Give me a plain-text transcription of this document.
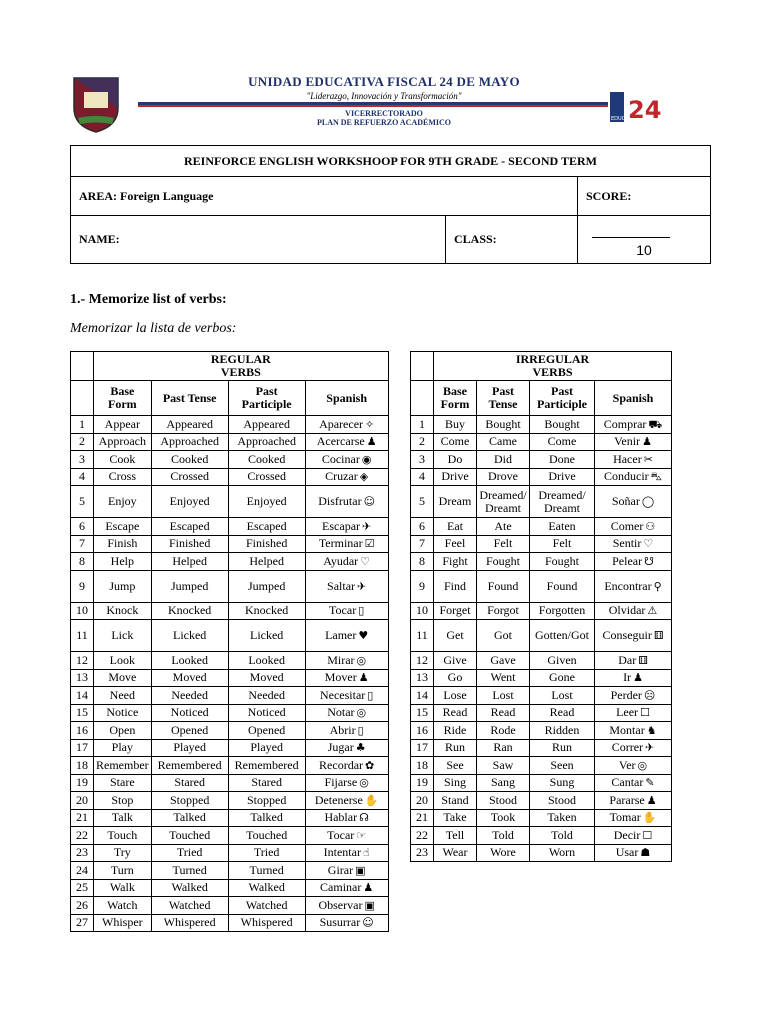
UNIDAD EDUCATIVA FISCAL 24 DE MAYO
"Liderazgo, Innovación y Transformación"
VICERRECTORADO
PLAN DE REFUERZO ACADÉMICO	24
EDUCE
REINFORCE ENGLISH WORKSHOOP FOR 9TH GRADE - SECOND TERM		
AREA: Foreign Language		SCORE:
NAME:	CLASS:	10
1.- Memorize list of verbs:
Memorizar la lista de verbos:
	REGULAR
VERBS			
	Base Form	Past Tense	Past Participle	Spanish
1	Appear	Appeared	Appeared	Aparecer ✧
2	Approach	Approached	Approached	Acercarse ♟
3	Cook	Cooked	Cooked	Cocinar ◉
4	Cross	Crossed	Crossed	Cruzar ◈
5	Enjoy	Enjoyed	Enjoyed	Disfrutar ☺
6	Escape	Escaped	Escaped	Escapar ✈
7	Finish	Finished	Finished	Terminar ☑
8	Help	Helped	Helped	Ayudar ♡
9	Jump	Jumped	Jumped	Saltar ✈
10	Knock	Knocked	Knocked	Tocar ▯
11	Lick	Licked	Licked	Lamer ♥
12	Look	Looked	Looked	Mirar ◎
13	Move	Moved	Moved	Mover ♟
14	Need	Needed	Needed	Necesitar ▯
15	Notice	Noticed	Noticed	Notar ◎
16	Open	Opened	Opened	Abrir ▯
17	Play	Played	Played	Jugar ♣
18	Remember	Remembered	Remembered	Recordar ✿
19	Stare	Stared	Stared	Fijarse ◎
20	Stop	Stopped	Stopped	Detenerse ✋
21	Talk	Talked	Talked	Hablar ☊
22	Touch	Touched	Touched	Tocar ☞
23	Try	Tried	Tried	Intentar ☝
24	Turn	Turned	Turned	Girar ▣
25	Walk	Walked	Walked	Caminar ♟
26	Watch	Watched	Watched	Observar ▣
27	Whisper	Whispered	Whispered	Susurrar ☺
	IRREGULAR
VERBS			
	Base Form	Past Tense	Past Participle	Spanish
1	Buy	Bought	Bought	Comprar ⛟
2	Come	Came	Come	Venir ♟
3	Do	Did	Done	Hacer ✂
4	Drive	Drove	Drive	Conducir ⛍
5	Dream	Dreamed/ Dreamt	Dreamed/ Dreamt	Soñar ◯
6	Eat	Ate	Eaten	Comer ⚇
7	Feel	Felt	Felt	Sentir ♡
8	Fight	Fought	Fought	Pelear ☋
9	Find	Found	Found	Encontrar ⚲
10	Forget	Forgot	Forgotten	Olvidar ⚠
11	Get	Got	Gotten/Got	Conseguir ⚅
12	Give	Gave	Given	Dar ⚅
13	Go	Went	Gone	Ir ♟
14	Lose	Lost	Lost	Perder ☹
15	Read	Read	Read	Leer ☐
16	Ride	Rode	Ridden	Montar ♞
17	Run	Ran	Run	Correr ✈
18	See	Saw	Seen	Ver ◎
19	Sing	Sang	Sung	Cantar ✎
20	Stand	Stood	Stood	Pararse ♟
21	Take	Took	Taken	Tomar ✋
22	Tell	Told	Told	Decir ☐
23	Wear	Wore	Worn	Usar ☗
